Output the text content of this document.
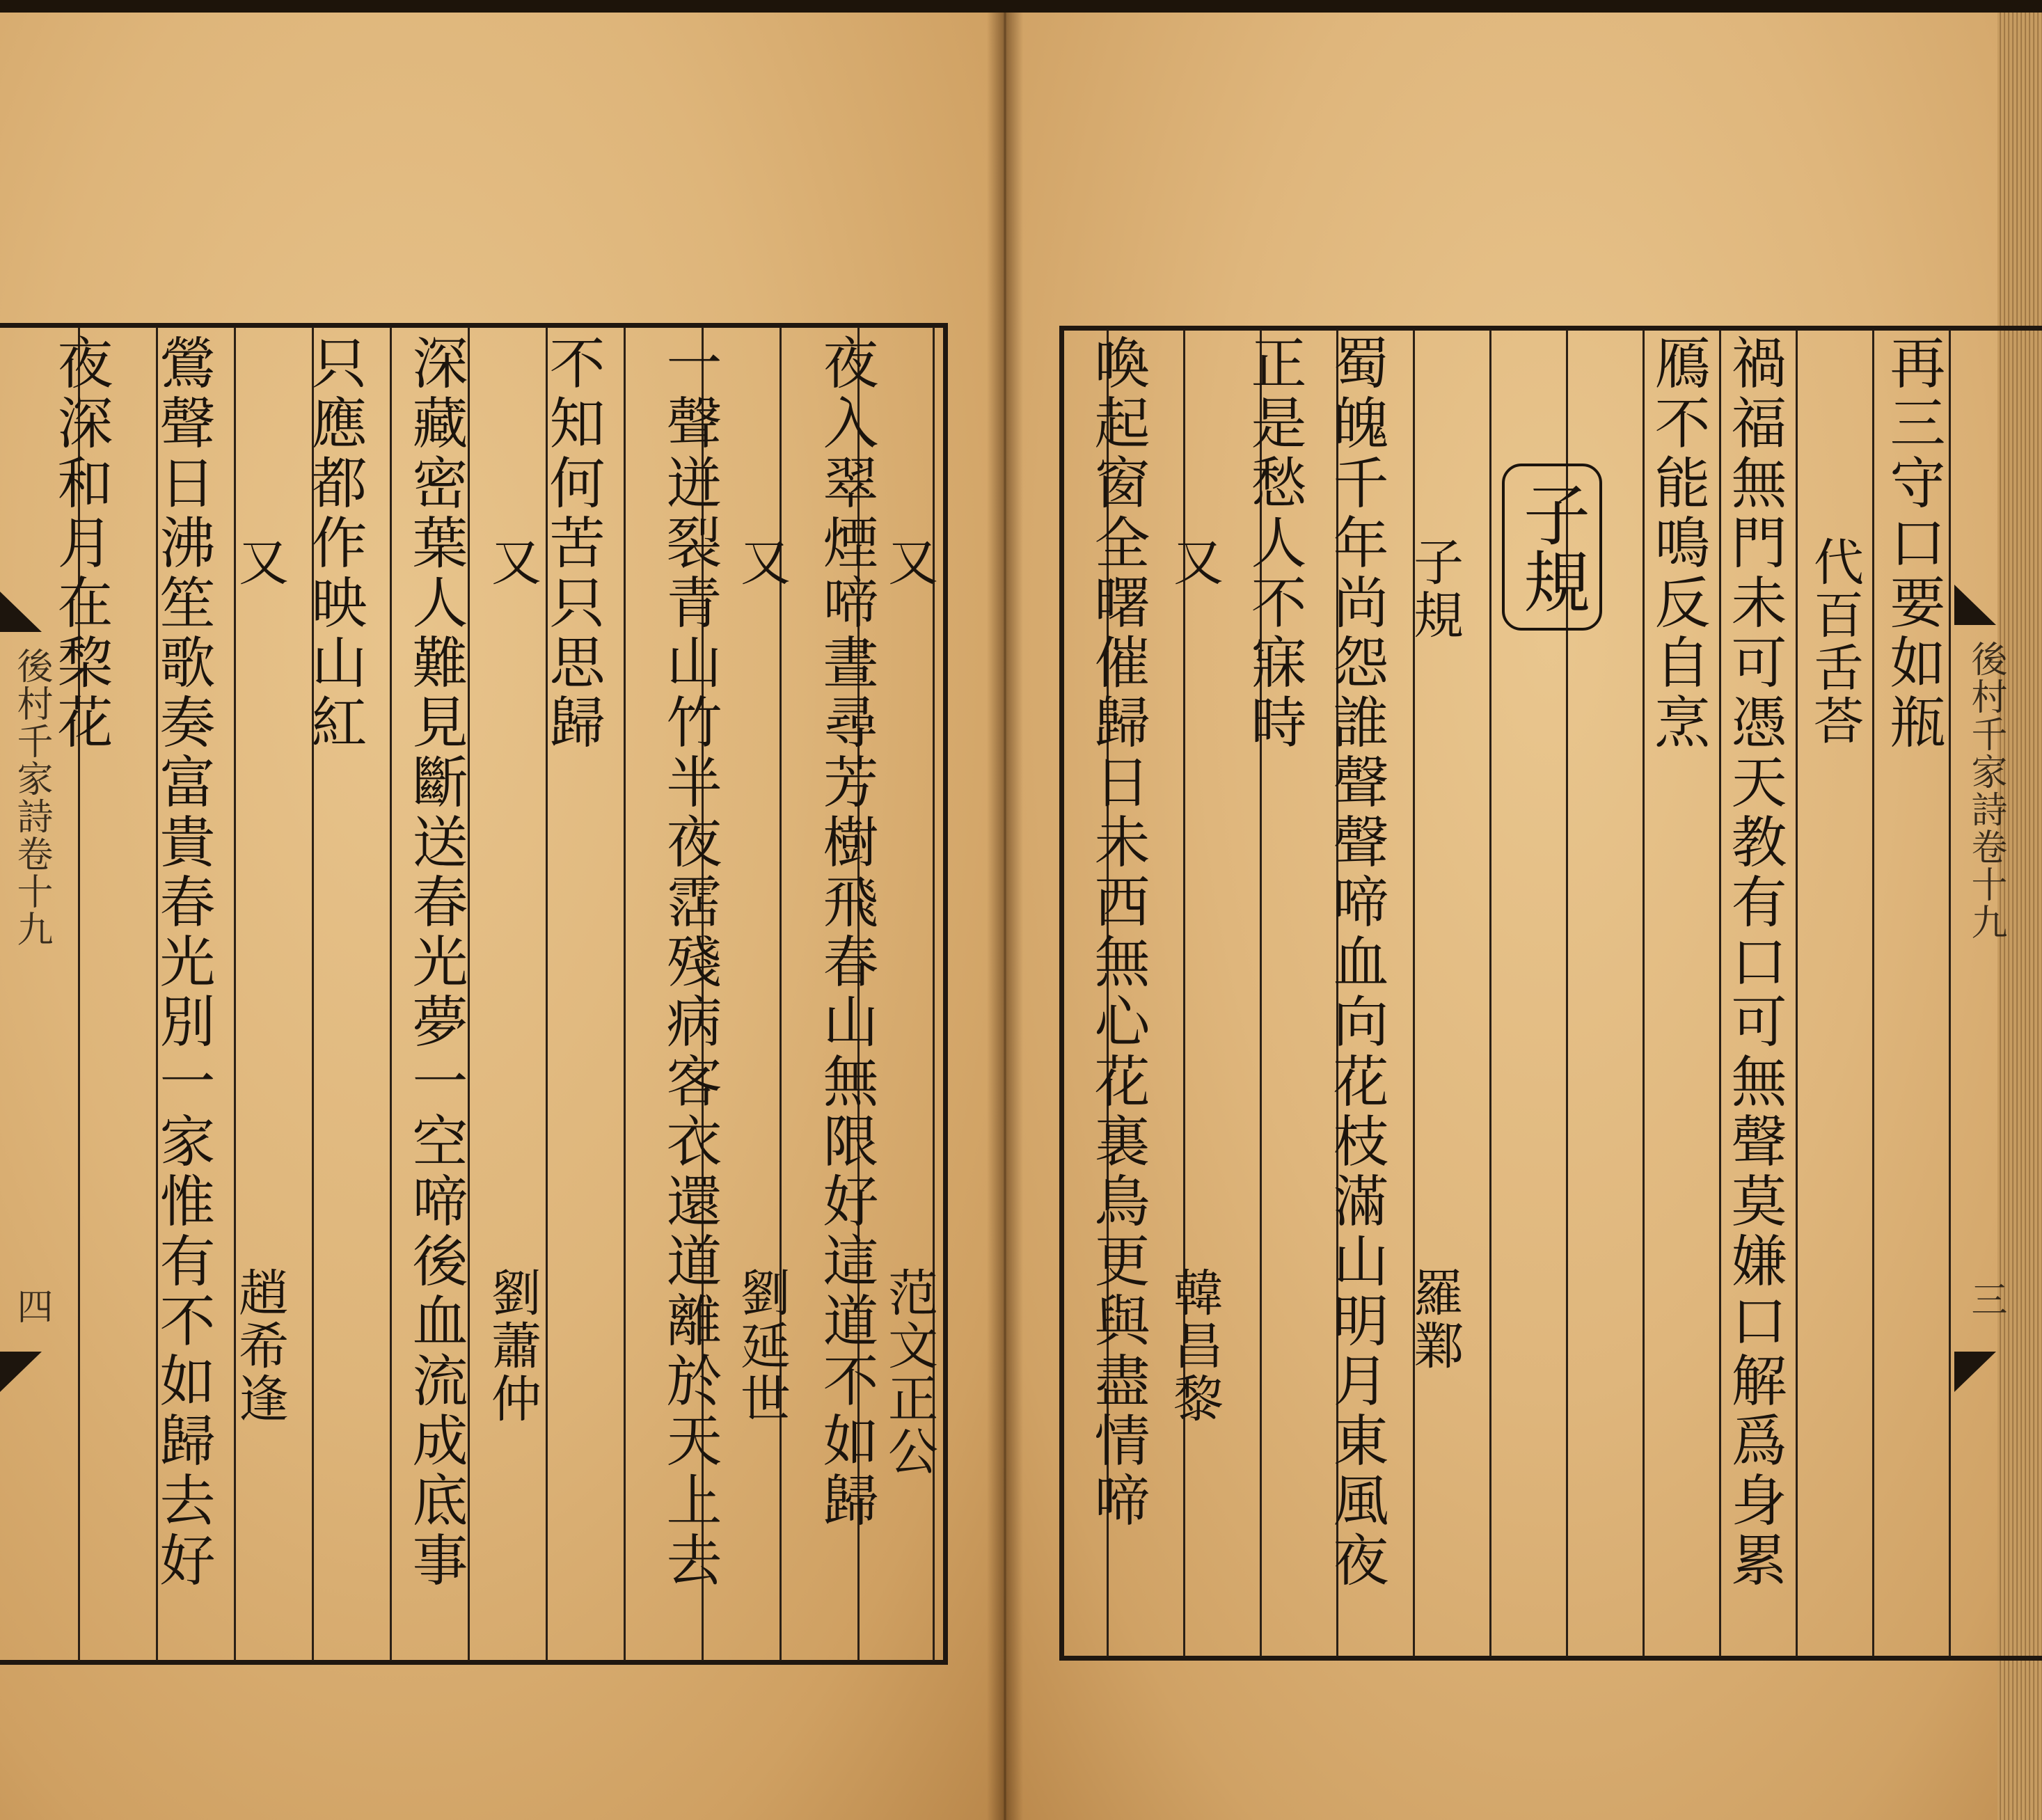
又
夜入翠煙啼晝尋芳樹飛春山無限好這道不如歸 范文正公
又
一聲迸裂青山竹半夜霑殘病客衣還道離於天上去 劉延世
不知何苦只思歸
又
深藏密葉人難見斷送春光夢一空啼後血流成底事 劉蕭仲
只應都作映山紅
又
鶯聲日沸笙歌奏富貴春光別一家惟有不如歸去好 趙希逢
夜深和月在棃花	再三守口要如瓶
代百舌荅
禍福無門未可憑天教有口可無聲莫嫌口解爲身累
鴈不能鳴反自烹
子規
羅鄴
蜀魄千年尚怨誰聲聲啼血向花枝滿山明月東風夜
正是愁人不寐時
又
韓昌黎
喚起窗全曙催歸日未西無心花裏鳥更與盡情啼	子規
後村千家詩卷十九
四
後村千家詩卷十九
三
